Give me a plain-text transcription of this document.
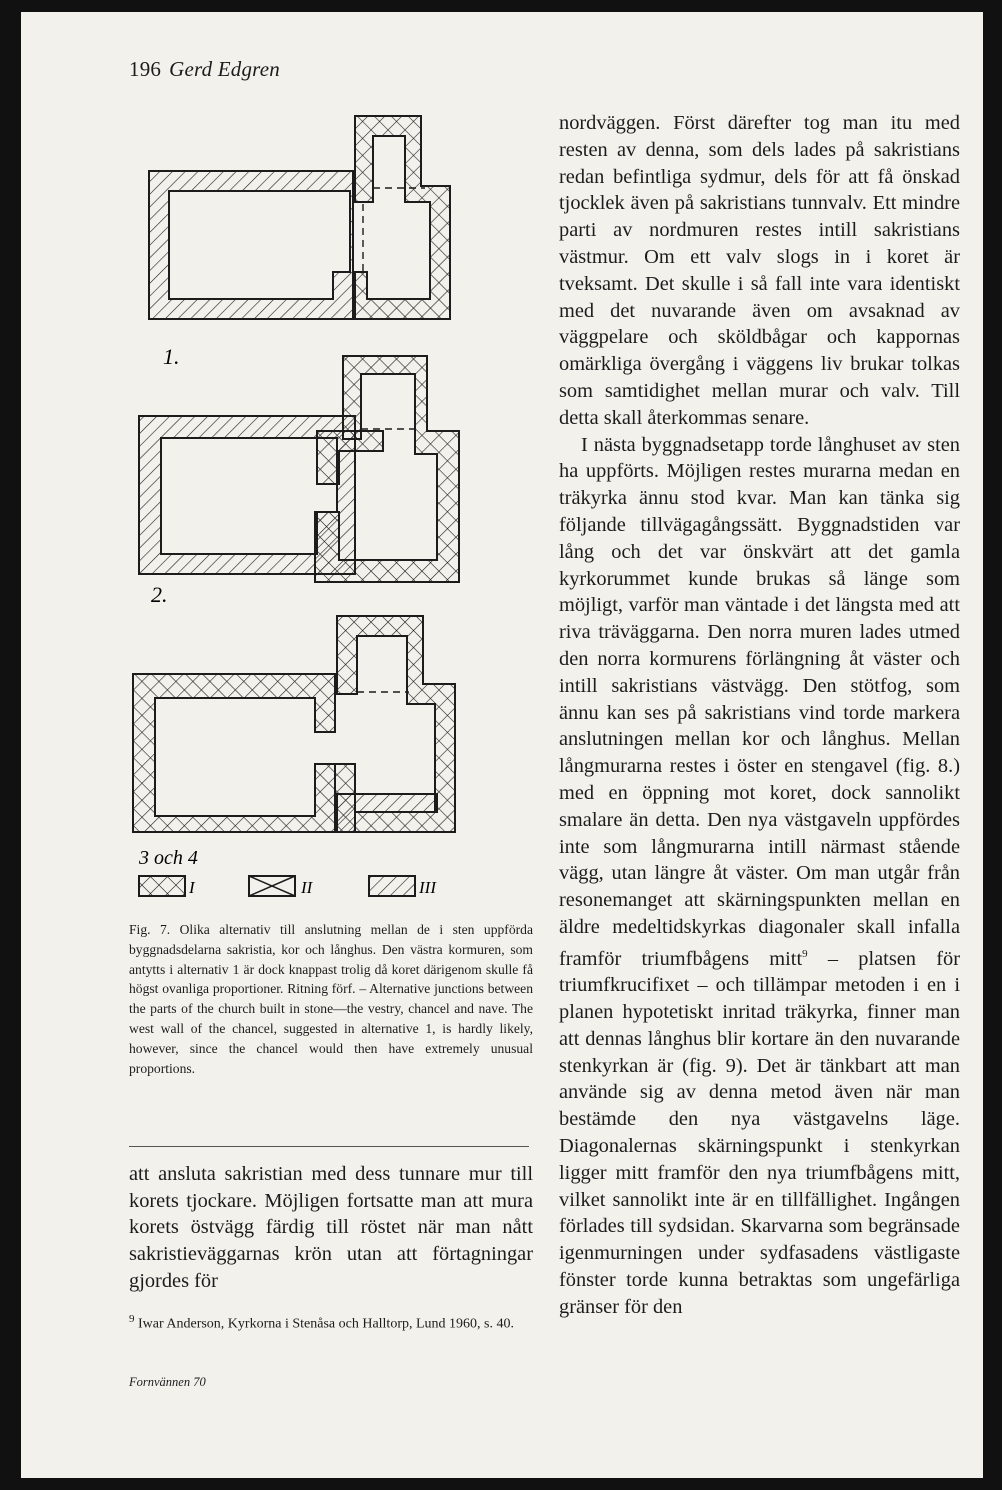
196 Gerd Edgren
1.
2.
3 och 4
I	II	III
Fig. 7. Olika alternativ till anslutning mellan de i sten uppförda byggnadsdelarna sakristia, kor och långhus. Den västra kormuren, som antytts i alternativ 1 är dock knappast trolig då koret därigenom skulle få högst ovanliga proportioner. Ritning förf. – Alternative junctions between the parts of the church built in stone—the vestry, chancel and nave. The west wall of the chancel, suggested in alternative 1, is hardly likely, however, since the chancel would then have extremely unusual proportions.
att ansluta sakristian med dess tunnare mur till korets tjockare. Möjligen fortsatte man att mura korets östvägg färdig till röstet när man nått sakristieväggarnas krön utan att förtagningar gjordes för
$^9$ Iwar Anderson, Kyrkorna i Stenåsa och Halltorp, Lund 1960, s. 40.
Fornvännen 70

nordväggen. Först därefter tog man itu med resten av denna, som dels lades på sakristians redan befintliga sydmur, dels för att få önskad tjocklek även på sakristians tunnvalv. Ett mindre parti av nordmuren restes intill sakristians västmur. Om ett valv slogs in i koret är tveksamt. Det skulle i så fall inte vara identiskt med det nuvarande även om avsaknad av väggpelare och sköldbågar och kappornas omärkliga övergång i väggens liv brukar tolkas som samtidighet mellan murar och valv. Till detta skall återkommas senare.

I nästa byggnadsetapp torde långhuset av sten ha uppförts. Möjligen restes murarna medan en träkyrka ännu stod kvar. Man kan tänka sig följande tillvägagångssätt. Byggnadstiden var lång och det var önskvärt att det gamla kyrkorummet kunde brukas så länge som möjligt, varför man väntade i det längsta med att riva träväggarna. Den norra muren lades utmed den norra kormurens förlängning åt väster och intill sakristians västvägg. Den stötfog, som ännu kan ses på sakristians vind torde markera anslutningen mellan kor och långhus. Mellan långmurarna restes i öster en stengavel (fig. 8.) med en öppning mot koret, dock sannolikt smalare än detta. Den nya västgaveln uppfördes inte som långmurarna intill närmast stående vägg, utan längre åt väster. Om man utgår från resonemanget att skärningspunkten mellan en äldre medeltidskyrkas diagonaler skall infalla framför triumfbågens mitt$^9$ – platsen för triumfkrucifixet – och tillämpar metoden i en i planen hypotetiskt inritad träkyrka, finner man att dennas långhus blir kortare än den nuvarande stenkyrkan är (fig. 9). Det är tänkbart att man använde sig av denna metod även när man bestämde den nya västgavelns läge. Diagonalernas skärningspunkt i stenkyrkan ligger mitt framför den nya triumfbågens mitt, vilket sannolikt inte är en tillfällighet. Ingången förlades till sydsidan. Skarvarna som begränsade igenmurningen under sydfasadens västligaste fönster torde kunna betraktas som ungefärliga gränser för den
